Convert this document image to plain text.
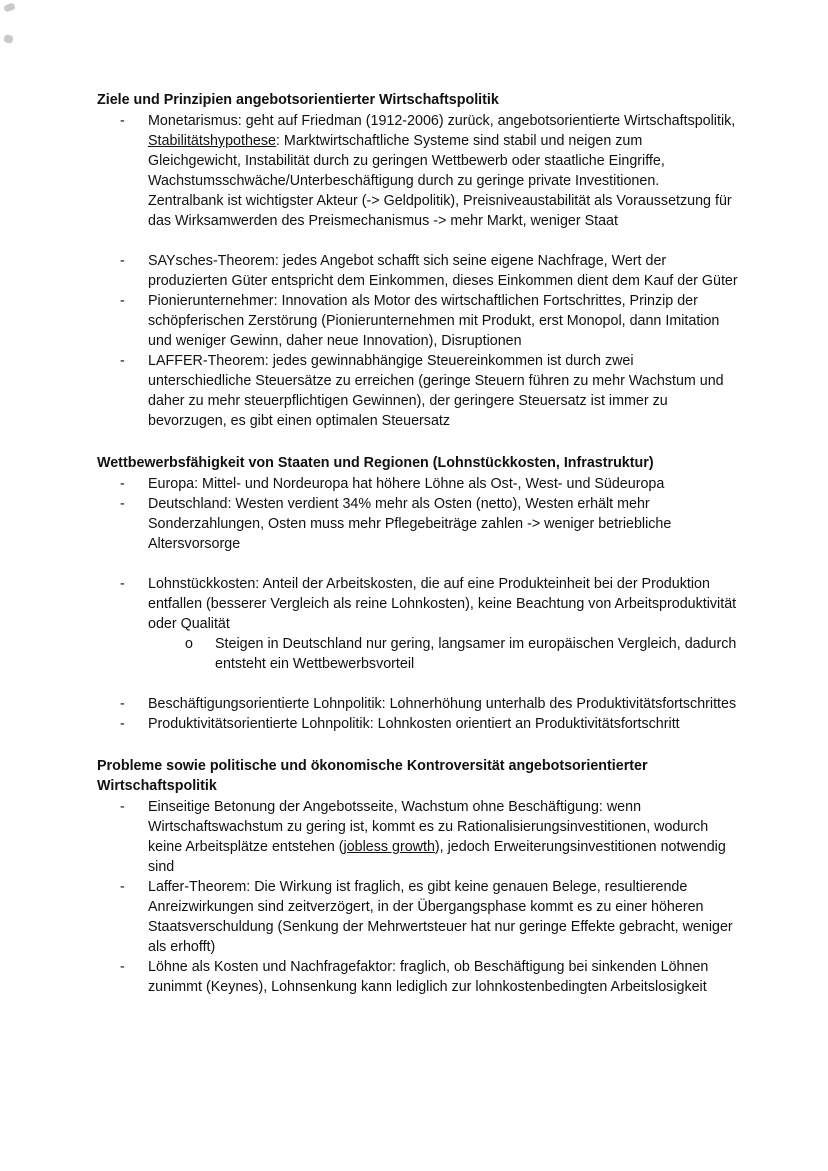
Ziele und Prinzipien angebotsorientierter Wirtschaftspolitik
-	Monetarismus: geht auf Friedman (1912-2006) zurück, angebotsorientierte Wirtschaftspolitik, Stabilitätshypothese: Marktwirtschaftliche Systeme sind stabil und neigen zum Gleichgewicht, Instabilität durch zu geringen Wettbewerb oder staatliche Eingriffe, Wachstumsschwäche/Unterbeschäftigung durch zu geringe private Investitionen. Zentralbank ist wichtigster Akteur (-> Geldpolitik), Preisniveaustabilität als Voraussetzung für das Wirksamwerden des Preismechanismus -> mehr Markt, weniger Staat
-	SAYsches-Theorem: jedes Angebot schafft sich seine eigene Nachfrage, Wert der produzierten Güter entspricht dem Einkommen, dieses Einkommen dient dem Kauf der Güter
-	Pionierunternehmer: Innovation als Motor des wirtschaftlichen Fortschrittes, Prinzip der schöpferischen Zerstörung (Pionierunternehmen mit Produkt, erst Monopol, dann Imitation und weniger Gewinn, daher neue Innovation), Disruptionen
-	LAFFER-Theorem: jedes gewinnabhängige Steuereinkommen ist durch zwei unterschiedliche Steuersätze zu erreichen (geringe Steuern führen zu mehr Wachstum und daher zu mehr steuerpflichtigen Gewinnen), der geringere Steuersatz ist immer zu bevorzugen, es gibt einen optimalen Steuersatz
Wettbewerbsfähigkeit von Staaten und Regionen (Lohnstückkosten, Infrastruktur)
-	Europa: Mittel- und Nordeuropa hat höhere Löhne als Ost-, West- und Südeuropa
-	Deutschland: Westen verdient 34% mehr als Osten (netto), Westen erhält mehr Sonderzahlungen, Osten muss mehr Pflegebeiträge zahlen -> weniger betriebliche Altersvorsorge
-	Lohnstückkosten: Anteil der Arbeitskosten, die auf eine Produkteinheit bei der Produktion entfallen (besserer Vergleich als reine Lohnkosten), keine Beachtung von Arbeitsproduktivität oder Qualität
o	Steigen in Deutschland nur gering, langsamer im europäischen Vergleich, dadurch entsteht ein Wettbewerbsvorteil
-	Beschäftigungsorientierte Lohnpolitik: Lohnerhöhung unterhalb des Produktivitätsfortschrittes
-	Produktivitätsorientierte Lohnpolitik: Lohnkosten orientiert an Produktivitätsfortschritt
Probleme sowie politische und ökonomische Kontroversität angebotsorientierter Wirtschaftspolitik
-	Einseitige Betonung der Angebotsseite, Wachstum ohne Beschäftigung: wenn Wirtschaftswachstum zu gering ist, kommt es zu Rationalisierungsinvestitionen, wodurch keine Arbeitsplätze entstehen (jobless growth), jedoch Erweiterungsinvestitionen notwendig sind
-	Laffer-Theorem: Die Wirkung ist fraglich, es gibt keine genauen Belege, resultierende Anreizwirkungen sind zeitverzögert, in der Übergangsphase kommt es zu einer höheren Staatsverschuldung (Senkung der Mehrwertsteuer hat nur geringe Effekte gebracht, weniger als erhofft)
-	Löhne als Kosten und Nachfragefaktor: fraglich, ob Beschäftigung bei sinkenden Löhnen zunimmt (Keynes), Lohnsenkung kann lediglich zur lohnkostenbedingten Arbeitslosigkeit
